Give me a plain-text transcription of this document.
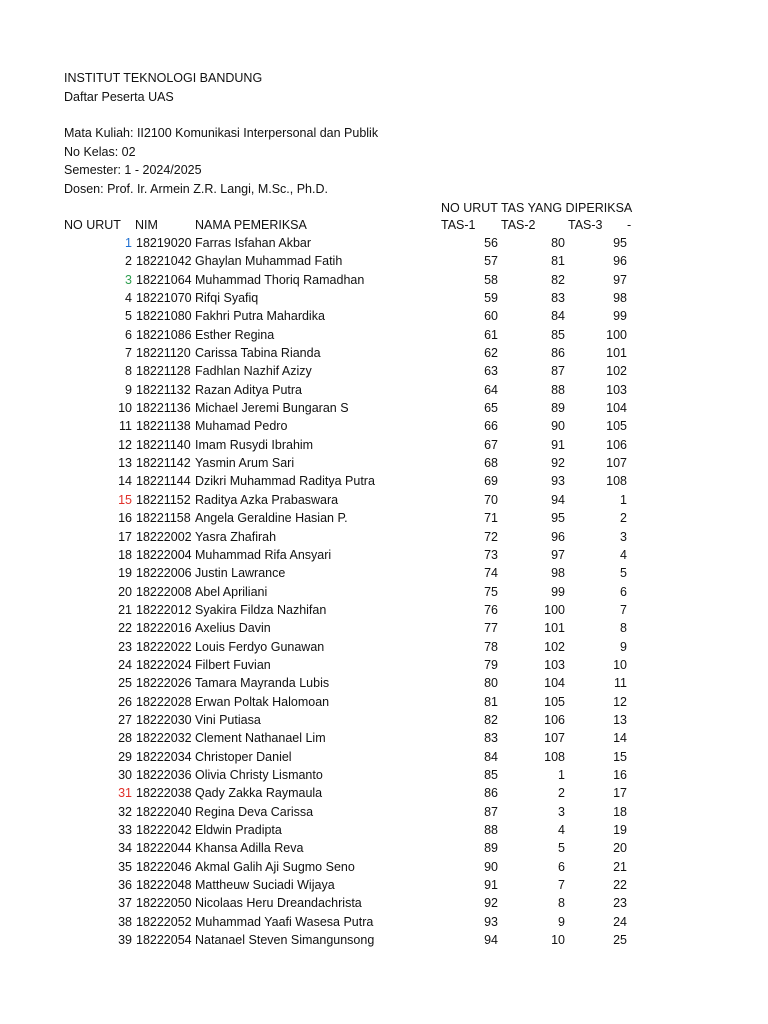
INSTITUT TEKNOLOGI BANDUNG
Daftar Peserta UAS
Mata Kuliah: II2100 Komunikasi Interpersonal dan Publik
No Kelas: 02
Semester: 1 - 2024/2025
Dosen: Prof. Ir. Armein Z.R. Langi, M.Sc., Ph.D.
NO URUT TAS YANG DIPERIKSA
NO URUT NIM	NAMA PEMERIKSA	TAS-1 TAS-2	TAS-3 -
1 18219020 Farras Isfahan Akbar	56	80	95
2 18221042 Ghaylan Muhammad Fatih	57	81	96
3 18221064 Muhammad Thoriq Ramadhan	58	82	97
4 18221070 Rifqi Syafiq	59	83	98
5 18221080 Fakhri Putra Mahardika	60	84	99
6 18221086 Esther Regina	61	85	100
7 18221120 Carissa Tabina Rianda	62	86	101
8 18221128 Fadhlan Nazhif Azizy	63	87	102
9 18221132 Razan Aditya Putra	64	88	103
10 18221136 Michael Jeremi Bungaran S	65	89	104
11 18221138 Muhamad Pedro	66	90	105
12 18221140 Imam Rusydi Ibrahim	67	91	106
13 18221142 Yasmin Arum Sari	68	92	107
14 18221144 Dzikri Muhammad Raditya Putra	69	93	108
15 18221152 Raditya Azka Prabaswara	70	94	1
16 18221158 Angela Geraldine Hasian P.	71	95	2
17 18222002 Yasra Zhafirah	72	96	3
18 18222004 Muhammad Rifa Ansyari	73	97	4
19 18222006 Justin Lawrance	74	98	5
20 18222008 Abel Apriliani	75	99	6
21 18222012 Syakira Fildza Nazhifan	76	100	7
22 18222016 Axelius Davin	77	101	8
23 18222022 Louis Ferdyo Gunawan	78	102	9
24 18222024 Filbert Fuvian	79	103	10
25 18222026 Tamara Mayranda Lubis	80	104	11
26 18222028 Erwan Poltak Halomoan	81	105	12
27 18222030 Vini Putiasa	82	106	13
28 18222032 Clement Nathanael Lim	83	107	14
29 18222034 Christoper Daniel	84	108	15
30 18222036 Olivia Christy Lismanto	85	1	16
31 18222038 Qady Zakka Raymaula	86	2	17
32 18222040 Regina Deva Carissa	87	3	18
33 18222042 Eldwin Pradipta	88	4	19
34 18222044 Khansa Adilla Reva	89	5	20
35 18222046 Akmal Galih Aji Sugmo Seno	90	6	21
36 18222048 Mattheuw Suciadi Wijaya	91	7	22
37 18222050 Nicolaas Heru Dreandachrista	92	8	23
38 18222052 Muhammad Yaafi Wasesa Putra	93	9	24
39 18222054 Natanael Steven Simangunsong	94	10	25
